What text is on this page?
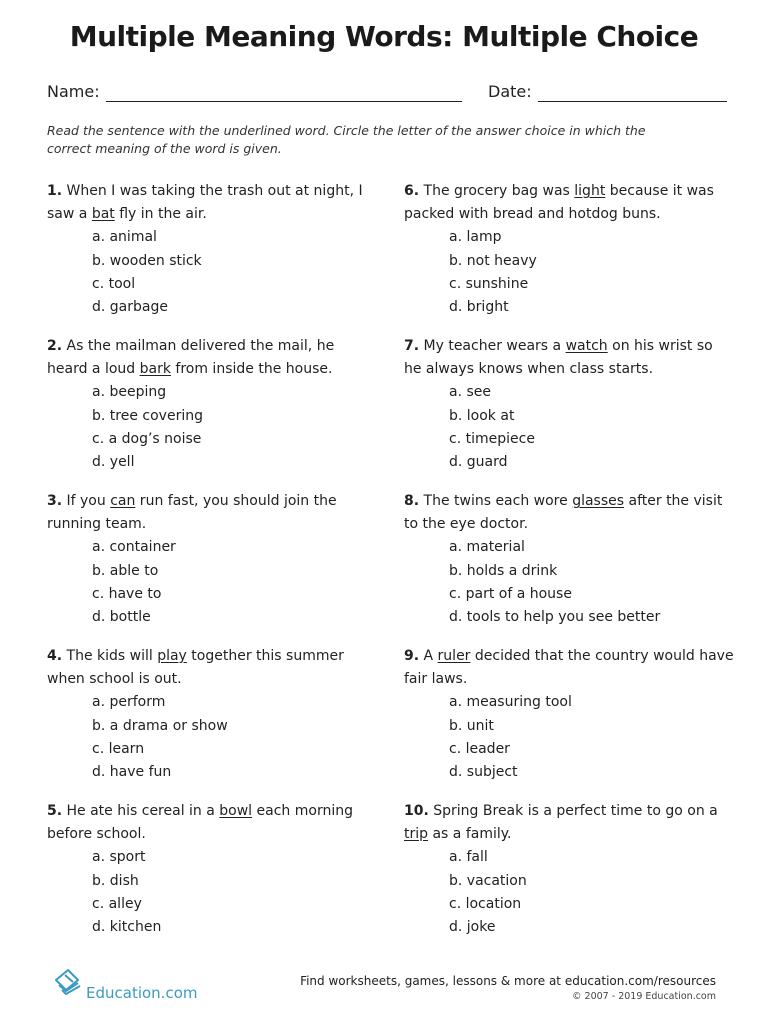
Multiple Meaning Words: Multiple Choice
Name:	Date:
Read the sentence with the underlined word. Circle the letter of the answer choice in which the correct meaning of the word is given.

1. When I was taking the trash out at night, I saw a bat fly in the air.

a. animal
b. wooden stick
c. tool
d. garbage

2. As the mailman delivered the mail, he heard a loud bark from inside the house.

a. beeping
b. tree covering
c. a dog’s noise
d. yell

3. If you can run fast, you should join the running team.

a. container
b. able to
c. have to
d. bottle

4. The kids will play together this summer when school is out.

a. perform
b. a drama or show
c. learn
d. have fun

5. He ate his cereal in a bowl each morning before school.

a. sport
b. dish
c. alley
d. kitchen

6. The grocery bag was light because it was packed with bread and hotdog buns.

a. lamp
b. not heavy
c. sunshine
d. bright

7. My teacher wears a watch on his wrist so he always knows when class starts.

a. see
b. look at
c. timepiece
d. guard

8. The twins each wore glasses after the visit to the eye doctor.

a. material
b. holds a drink
c. part of a house
d. tools to help you see better

9. A ruler decided that the country would have fair laws.

a. measuring tool
b. unit
c. leader
d. subject

10. Spring Break is a perfect time to go on a trip as a family.

a. fall
b. vacation
c. location
d. joke
Education.com
Find worksheets, games, lessons & more at education.com/resources
© 2007 - 2019 Education.com
